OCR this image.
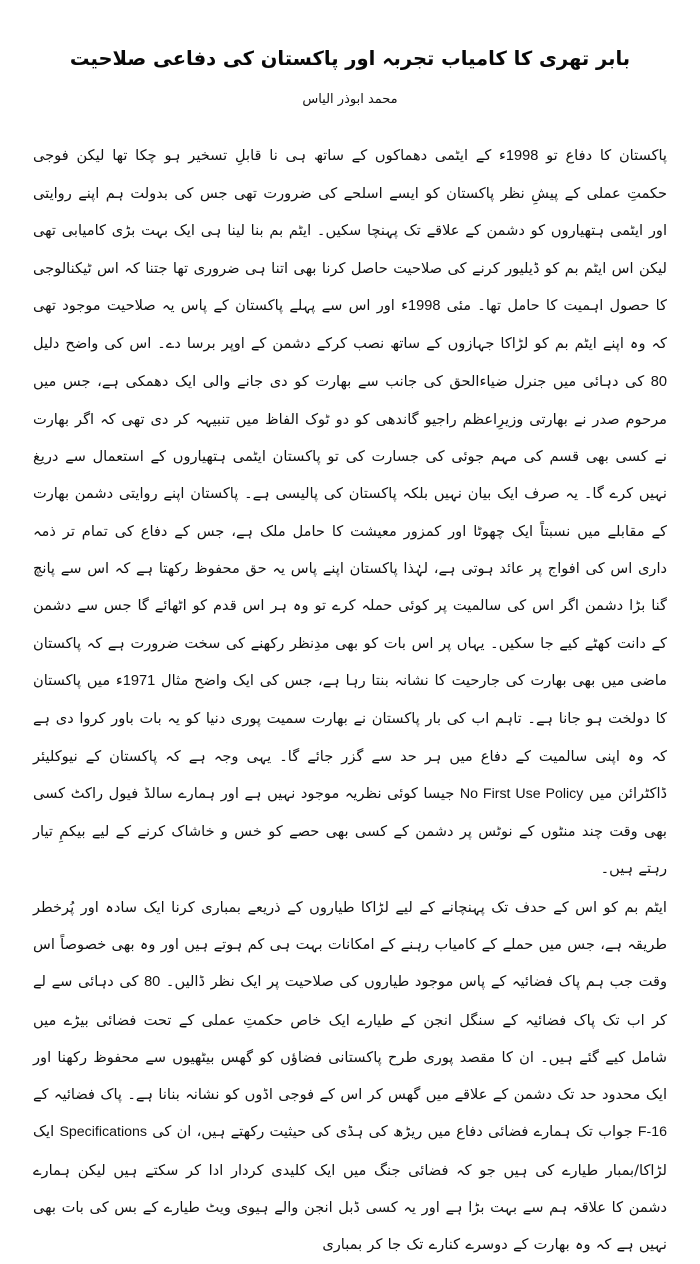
بابر تھری کا کامیاب تجربہ اور پاکستان کی دفاعی صلاحیت

محمد ابوذر الیاس

پاکستان کا دفاع تو 1998ء کے ایٹمی دھماکوں کے ساتھ ہی نا قابلِ تسخیر ہو چکا تھا لیکن فوجی حکمتِ عملی کے پیشِ نظر پاکستان کو ایسے اسلحے کی ضرورت تھی جس کی بدولت ہم اپنے روایتی اور ایٹمی ہتھیاروں کو دشمن کے علاقے تک پہنچا سکیں۔ ایٹم بم بنا لینا ہی ایک بہت بڑی کامیابی تھی لیکن اس ایٹم بم کو ڈیلیور کرنے کی صلاحیت حاصل کرنا بھی اتنا ہی ضروری تھا جتنا کہ اس ٹیکنالوجی کا حصول اہمیت کا حامل تھا۔ مئی 1998ء اور اس سے پہلے پاکستان کے پاس یہ صلاحیت موجود تھی کہ وہ اپنے ایٹم بم کو لڑاکا جہازوں کے ساتھ نصب کرکے دشمن کے اوپر برسا دے۔ اس کی واضح دلیل 80 کی دہائی میں جنرل ضیاءالحق کی جانب سے بھارت کو دی جانے والی ایک دھمکی ہے، جس میں مرحوم صدر نے بھارتی وزیرِاعظم راجیو گاندھی کو دو ٹوک الفاظ میں تنبیہہ کر دی تھی کہ اگر بھارت نے کسی بھی قسم کی مہم جوئی کی جسارت کی تو پاکستان ایٹمی ہتھیاروں کے استعمال سے دریغ نہیں کرے گا۔ یہ صرف ایک بیان نہیں بلکہ پاکستان کی پالیسی ہے۔ پاکستان اپنے روایتی دشمن بھارت کے مقابلے میں نسبتاً ایک چھوٹا اور کمزور معیشت کا حامل ملک ہے، جس کے دفاع کی تمام تر ذمہ داری اس کی افواج پر عائد ہوتی ہے، لہٰذا پاکستان اپنے پاس یہ حق محفوظ رکھتا ہے کہ اس سے پانچ گنا بڑا دشمن اگر اس کی سالمیت پر کوئی حملہ کرے تو وہ ہر اس قدم کو اٹھائے گا جس سے دشمن کے دانت کھٹے کیے جا سکیں۔ یہاں پر اس بات کو بھی مدِنظر رکھنے کی سخت ضرورت ہے کہ پاکستان ماضی میں بھی بھارت کی جارحیت کا نشانہ بنتا رہا ہے، جس کی ایک واضح مثال 1971ء میں پاکستان کا دولخت ہو جانا ہے۔ تاہم اب کی بار پاکستان نے بھارت سمیت پوری دنیا کو یہ بات باور کروا دی ہے کہ وہ اپنی سالمیت کے دفاع میں ہر حد سے گزر جائے گا۔ یہی وجہ ہے کہ پاکستان کے نیوکلیئر ڈاکٹرائن میں No First Use Policy جیسا کوئی نظریہ موجود نہیں ہے اور ہمارے سالڈ فیول راکٹ کسی بھی وقت چند منٹوں کے نوٹس پر دشمن کے کسی بھی حصے کو خس و خاشاک کرنے کے لیے بیکمِ تیار رہتے ہیں۔

ایٹم بم کو اس کے حدف تک پہنچانے کے لیے لڑاکا طیاروں کے ذریعے بمباری کرنا ایک سادہ اور پُرخطر طریقہ ہے، جس میں حملے کے کامیاب رہنے کے امکانات بہت ہی کم ہوتے ہیں اور وہ بھی خصوصاً اس وقت جب ہم پاک فضائیہ کے پاس موجود طیاروں کی صلاحیت پر ایک نظر ڈالیں۔ 80 کی دہائی سے لے کر اب تک پاک فضائیہ کے سنگل انجن کے طیارے ایک خاص حکمتِ عملی کے تحت فضائی بیڑے میں شامل کیے گئے ہیں۔ ان کا مقصد پوری طرح پاکستانی فضاؤں کو گھس بیٹھیوں سے محفوظ رکھنا اور ایک محدود حد تک دشمن کے علاقے میں گھس کر اس کے فوجی اڈوں کو نشانہ بنانا ہے۔ پاک فضائیہ کے F-16 جواب تک ہمارے فضائی دفاع میں ریڑھ کی ہڈی کی حیثیت رکھتے ہیں، ان کی Specifications ایک لڑاکا/بمبار طیارے کی ہیں جو کہ فضائی جنگ میں ایک کلیدی کردار ادا کر سکتے ہیں لیکن ہمارے دشمن کا علاقہ ہم سے بہت بڑا ہے اور یہ کسی ڈبل انجن والے ہیوی ویٹ طیارے کے بس کی بات بھی نہیں ہے کہ وہ بھارت کے دوسرے کنارے تک جا کر بمباری
